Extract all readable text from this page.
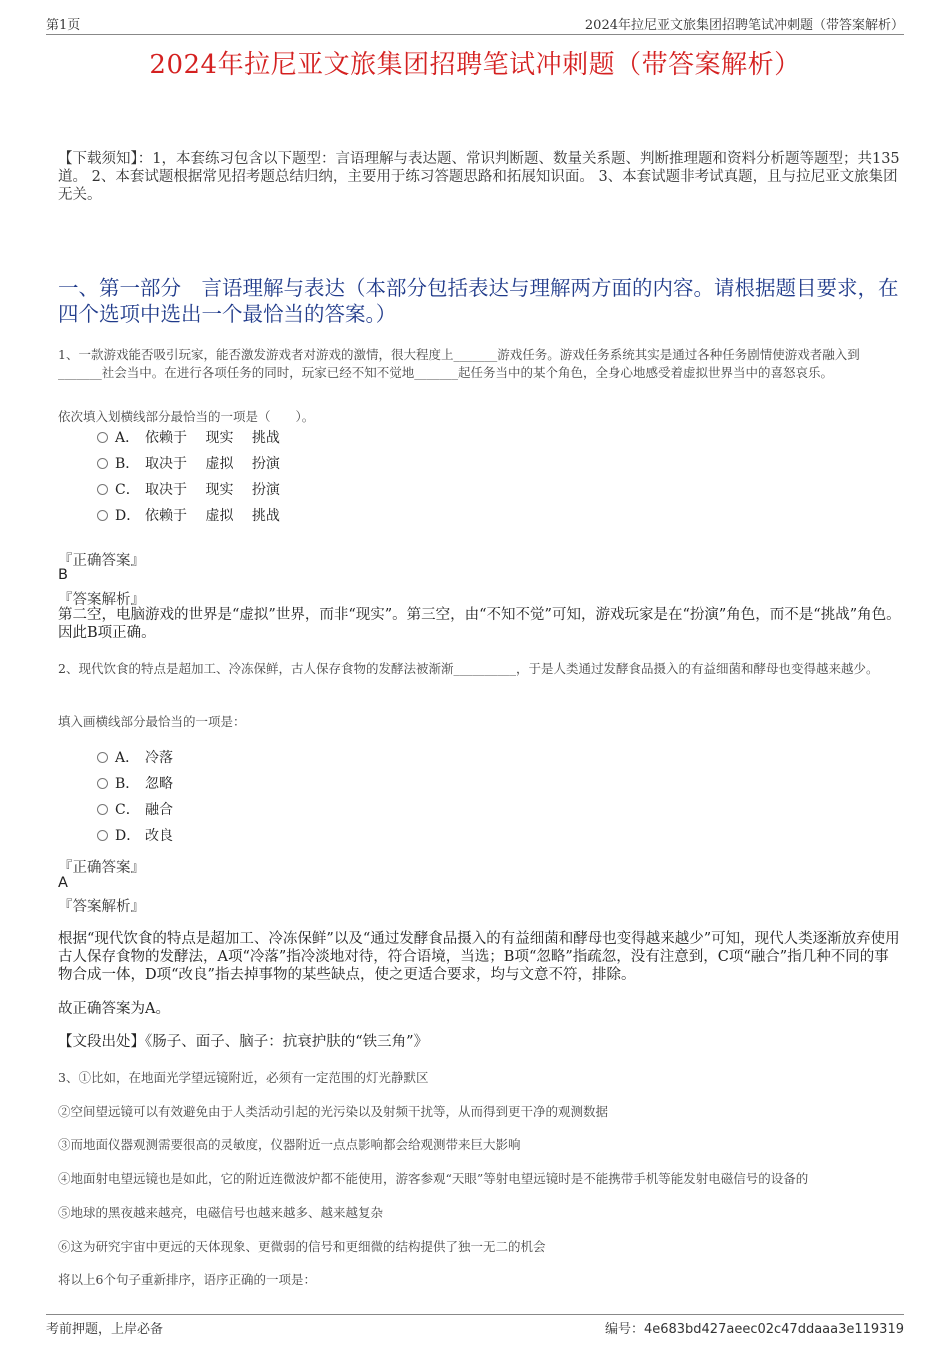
第1页	2024年拉尼亚文旅集团招聘笔试冲刺题（带答案解析）
2024年拉尼亚文旅集团招聘笔试冲刺题（带答案解析）
【下载须知】：1，本套练习包含以下题型：言语理解与表达题、常识判断题、数量关系题、判断推理题和资料分析题等题型；共135道。 2、本套试题根据常见招考题总结归纳，主要用于练习答题思路和拓展知识面。 3、本套试题非考试真题，且与拉尼亚文旅集团无关。
一、第一部分　言语理解与表达（本部分包括表达与理解两方面的内容。请根据题目要求，在四个选项中选出一个最恰当的答案。）
1、一款游戏能否吸引玩家，能否激发游戏者对游戏的激情，很大程度上_______游戏任务。游戏任务系统其实是通过各种任务剧情使游戏者融入到_______社会当中。在进行各项任务的同时，玩家已经不知不觉地_______起任务当中的某个角色，全身心地感受着虚拟世界当中的喜怒哀乐。
依次填入划横线部分最恰当的一项是（　　）。
A． 依赖于　 现实　 挑战
B． 取决于　 虚拟　 扮演
C． 取决于　 现实　 扮演
D． 依赖于　 虚拟　 挑战
『正确答案』
B
『答案解析』
第二空，电脑游戏的世界是“虚拟”世界，而非“现实”。第三空，由“不知不觉”可知，游戏玩家是在“扮演”角色，而不是“挑战”角色。因此B项正确。
2、现代饮食的特点是超加工、冷冻保鲜，古人保存食物的发酵法被渐渐__________，于是人类通过发酵食品摄入的有益细菌和酵母也变得越来越少。
填入画横线部分最恰当的一项是：
A． 冷落
B． 忽略
C． 融合
D． 改良
『正确答案』
A
『答案解析』
根据“现代饮食的特点是超加工、冷冻保鲜”以及“通过发酵食品摄入的有益细菌和酵母也变得越来越少”可知，现代人类逐渐放弃使用古人保存食物的发酵法，A项“冷落”指冷淡地对待，符合语境，当选；B项“忽略”指疏忽，没有注意到，C项“融合”指几种不同的事物合成一体，D项“改良”指去掉事物的某些缺点，使之更适合要求，均与文意不符，排除。
故正确答案为A。
【文段出处】《肠子、面子、脑子：抗衰护肤的“铁三角”》
3、①比如，在地面光学望远镜附近，必须有一定范围的灯光静默区
②空间望远镜可以有效避免由于人类活动引起的光污染以及射频干扰等，从而得到更干净的观测数据
③而地面仪器观测需要很高的灵敏度，仪器附近一点点影响都会给观测带来巨大影响
④地面射电望远镜也是如此，它的附近连微波炉都不能使用，游客参观“天眼”等射电望远镜时是不能携带手机等能发射电磁信号的设备的
⑤地球的黑夜越来越亮，电磁信号也越来越多、越来越复杂
⑥这为研究宇宙中更远的天体现象、更微弱的信号和更细微的结构提供了独一无二的机会
将以上6个句子重新排序，语序正确的一项是：
考前押题，上岸必备	编号：4e683bd427aeec02c47ddaaa3e119319
